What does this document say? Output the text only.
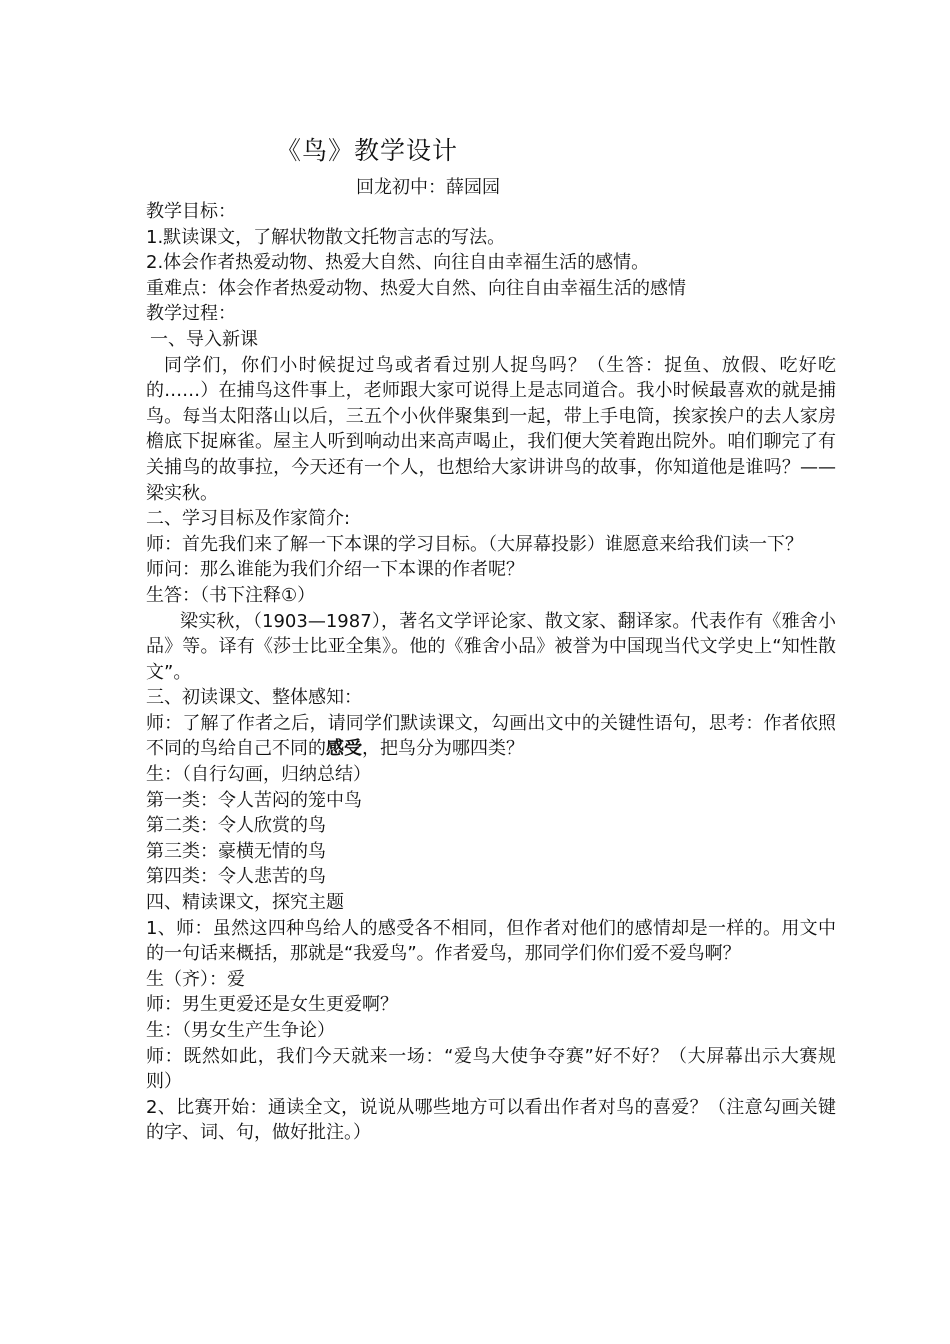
《鸟》教学设计
回龙初中：薛园园

教学目标：

1.默读课文，了解状物散文托物言志的写法。

2.体会作者热爱动物、热爱大自然、向往自由幸福生活的感情。

重难点：体会作者热爱动物、热爱大自然、向往自由幸福生活的感情

教学过程：

一、导入新课

同学们，你们小时候捉过鸟或者看过别人捉鸟吗？（生答：捉鱼、放假、吃好吃的……）在捕鸟这件事上，老师跟大家可说得上是志同道合。我小时候最喜欢的就是捕鸟。每当太阳落山以后，三五个小伙伴聚集到一起，带上手电筒，挨家挨户的去人家房檐底下捉麻雀。屋主人听到响动出来高声喝止，我们便大笑着跑出院外。咱们聊完了有关捕鸟的故事拉，今天还有一个人，也想给大家讲讲鸟的故事，你知道他是谁吗？——梁实秋。

二、学习目标及作家简介:

师：首先我们来了解一下本课的学习目标。（大屏幕投影）谁愿意来给我们读一下？

师问：那么谁能为我们介绍一下本课的作者呢？

生答：（书下注释①）

梁实秋，（1903—1987），著名文学评论家、散文家、翻译家。代表作有《雅舍小品》等。译有《莎士比亚全集》。他的《雅舍小品》被誉为中国现当代文学史上“知性散文”。

三、初读课文、整体感知：

师：了解了作者之后，请同学们默读课文，勾画出文中的关键性语句，思考：作者依照不同的鸟给自己不同的感受，把鸟分为哪四类？

生：（自行勾画，归纳总结）

第一类：令人苦闷的笼中鸟

第二类：令人欣赏的鸟

第三类：豪横无情的鸟

第四类：令人悲苦的鸟

四、精读课文，探究主题

1、师：虽然这四种鸟给人的感受各不相同，但作者对他们的感情却是一样的。用文中的一句话来概括，那就是“我爱鸟”。作者爱鸟，那同学们你们爱不爱鸟啊？

生（齐）：爱

师：男生更爱还是女生更爱啊？

生：（男女生产生争论）

师：既然如此，我们今天就来一场：“爱鸟大使争夺赛”好不好？（大屏幕出示大赛规则）

2、比赛开始：通读全文，说说从哪些地方可以看出作者对鸟的喜爱？（注意勾画关键的字、词、句，做好批注。）
